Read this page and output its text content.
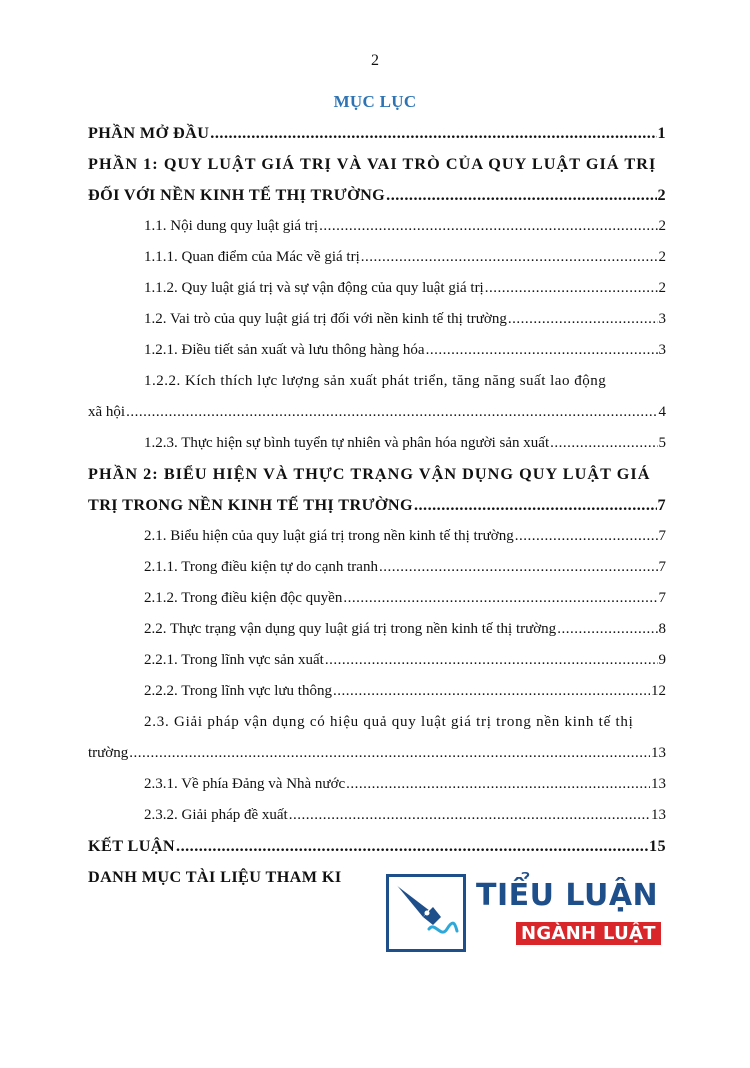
2
MỤC LỤC
PHẦN MỞ ĐẦU .....	1
PHẦN 1: QUY LUẬT GIÁ TRỊ VÀ VAI TRÒ CỦA QUY LUẬT GIÁ TRỊ
ĐỐI VỚI NỀN KINH TẾ THỊ TRƯỜNG .....	2
1.1. Nội dung quy luật giá trị .....	2
1.1.1. Quan điểm của Mác về giá trị .....	2
1.1.2. Quy luật giá trị và sự vận động của quy luật giá trị .....	2
1.2. Vai trò của quy luật giá trị đối với nền kinh tế thị trường .....	3
1.2.1. Điều tiết sản xuất và lưu thông hàng hóa .....	3
1.2.2. Kích thích lực lượng sản xuất phát triển, tăng năng suất lao động
xã hội .....	4
1.2.3. Thực hiện sự bình tuyển tự nhiên và phân hóa người sản xuất .....	5
PHẦN 2: BIỂU HIỆN VÀ THỰC TRẠNG VẬN DỤNG QUY LUẬT GIÁ
TRỊ TRONG NỀN KINH TẾ THỊ TRƯỜNG .....	7
2.1. Biểu hiện của quy luật giá trị trong nền kinh tế thị trường .....	7
2.1.1. Trong điều kiện tự do cạnh tranh .....	7
2.1.2. Trong điều kiện độc quyền .....	7
2.2. Thực trạng vận dụng quy luật giá trị trong nền kinh tế thị trường .....	8
2.2.1. Trong lĩnh vực sản xuất .....	9
2.2.2. Trong lĩnh vực lưu thông .....	12
2.3. Giải pháp vận dụng có hiệu quả quy luật giá trị trong nền kinh tế thị
trường .....	13
2.3.1. Về phía Đảng và Nhà nước .....	13
2.3.2. Giải pháp đề xuất .....	13
KẾT LUẬN .....	15
DANH MỤC TÀI LIỆU THAM KI
TIỂU LUẬN
NGÀNH LUẬT
